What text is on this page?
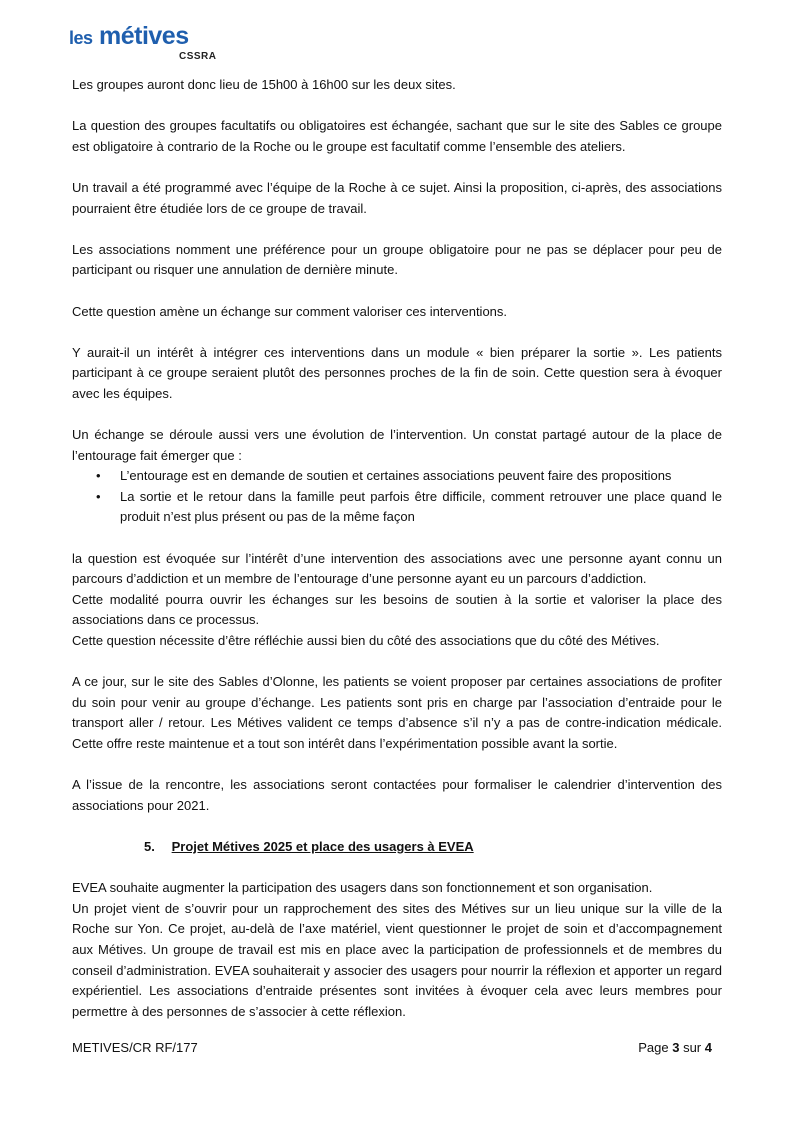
les métives
CSSRA

Les groupes auront donc lieu de 15h00 à 16h00 sur les deux sites.

La question des groupes facultatifs ou obligatoires est échangée, sachant que sur le site des Sables ce groupe est obligatoire à contrario de la Roche ou le groupe est facultatif comme l’ensemble des ateliers.

Un travail a été programmé avec l’équipe de la Roche à ce sujet. Ainsi la proposition, ci-après, des associations pourraient être étudiée lors de ce groupe de travail.

Les associations nomment une préférence pour un groupe obligatoire pour ne pas se déplacer pour peu de participant ou risquer une annulation de dernière minute.

Cette question amène un échange sur comment valoriser ces interventions.

Y aurait-il un intérêt à intégrer ces interventions dans un module « bien préparer la sortie ». Les patients participant à ce groupe seraient plutôt des personnes proches de la fin de soin. Cette question sera à évoquer avec les équipes.

Un échange se déroule aussi vers une évolution de l’intervention. Un constat partagé autour de la place de l’entourage fait émerger que :

• L’entourage est en demande de soutien et certaines associations peuvent faire des propositions
• La sortie et le retour dans la famille peut parfois être difficile, comment retrouver une place quand le produit n’est plus présent ou pas de la même façon

la question est évoquée sur l’intérêt d’une intervention des associations avec une personne ayant connu un parcours d’addiction et un membre de l’entourage d’une personne ayant eu un parcours d’addiction.

Cette modalité pourra ouvrir les échanges sur les besoins de soutien à la sortie et valoriser la place des associations dans ce processus.

Cette question nécessite d’être réfléchie aussi bien du côté des associations que du côté des Métives.

A ce jour, sur le site des Sables d’Olonne, les patients se voient proposer par certaines associations de profiter du soin pour venir au groupe d’échange. Les patients sont pris en charge par l’association d’entraide pour le transport aller / retour. Les Métives valident ce temps d’absence s’il n’y a pas de contre-indication médicale. Cette offre reste maintenue et a tout son intérêt dans l’expérimentation possible avant la sortie.

A l’issue de la rencontre, les associations seront contactées pour formaliser le calendrier d’intervention des associations pour 2021.

5. Projet Métives 2025 et place des usagers à EVEA

EVEA souhaite augmenter la participation des usagers dans son fonctionnement et son organisation.

Un projet vient de s’ouvrir pour un rapprochement des sites des Métives sur un lieu unique sur la ville de la Roche sur Yon. Ce projet, au-delà de l’axe matériel, vient questionner le projet de soin et d’accompagnement aux Métives. Un groupe de travail est mis en place avec la participation de professionnels et de membres du conseil d’administration. EVEA souhaiterait y associer des usagers pour nourrir la réflexion et apporter un regard expérientiel. Les associations d’entraide présentes sont invitées à évoquer cela avec leurs membres pour permettre à des personnes de s’associer à cette réflexion.

METIVES/CR RF/177	Page 3 sur 4
